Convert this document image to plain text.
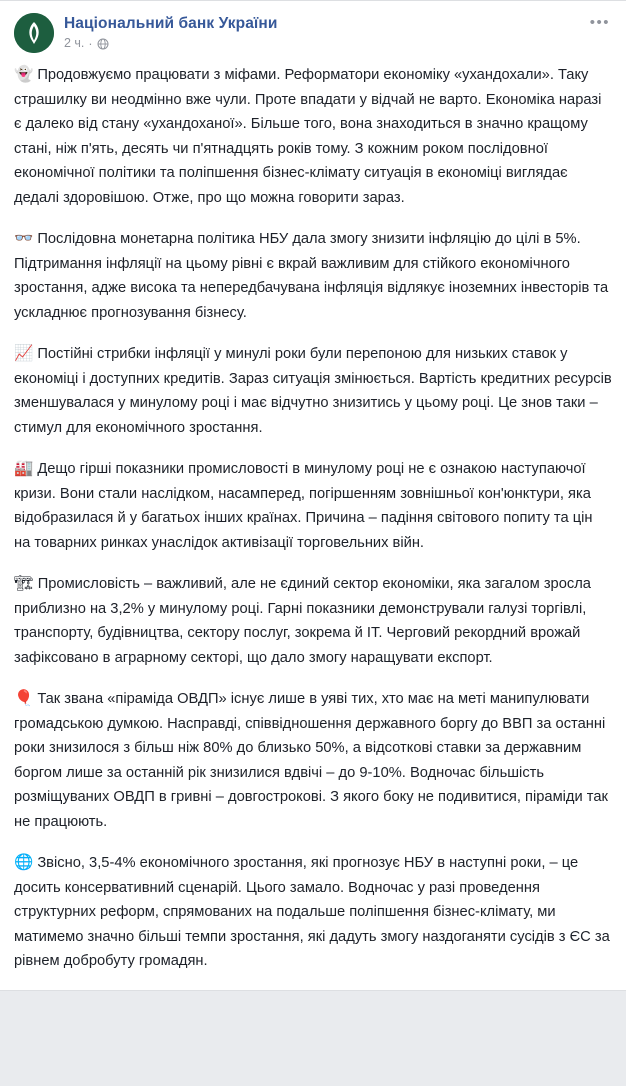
Національний банк України
2 ч. ·
•••

👻 Продовжуємо працювати з міфами. Реформатори економіку «ухандохали». Таку страшилку ви неодмінно вже чули. Проте впадати у відчай не варто. Економіка наразі є далеко від стану «ухандоханої». Більше того, вона знаходиться в значно кращому стані, ніж п'ять, десять чи п'ятнадцять років тому. З кожним роком послідовної економічної політики та поліпшення бізнес-клімату ситуація в економіці виглядає дедалі здоровішою. Отже, про що можна говорити зараз.

👓 Послідовна монетарна політика НБУ дала змогу знизити інфляцію до цілі в 5%. Підтримання інфляції на цьому рівні є вкрай важливим для стійкого економічного зростання, адже висока та непередбачувана інфляція відлякує іноземних інвесторів та ускладнює прогнозування бізнесу.

📈 Постійні стрибки інфляції у минулі роки були перепоною для низьких ставок у економіці і доступних кредитів. Зараз ситуація змінюється. Вартість кредитних ресурсів зменшувалася у минулому році і має відчутно знизитись у цьому році. Це знов таки – стимул для економічного зростання.

🏭 Дещо гірші показники промисловості в минулому році не є ознакою наступаючої кризи. Вони стали наслідком, насамперед, погіршенням зовнішньої кон'юнктури, яка відобразилася й у багатьох інших країнах. Причина – падіння світового попиту та цін на товарних ринках унаслідок активізації торговельних війн.

🏗 Промисловість – важливий, але не єдиний сектор економіки, яка загалом зросла приблизно на 3,2% у минулому році. Гарні показники демонстрували галузі торгівлі, транспорту, будівництва, сектору послуг, зокрема й IT. Черговий рекордний врожай зафіксовано в аграрному секторі, що дало змогу наращувати експорт.

🎈 Так звана «піраміда ОВДП» існує лише в уяві тих, хто має на меті манипулювати громадською думкою. Насправді, співвідношення державного боргу до ВВП за останні роки знизилося з більш ніж 80% до близько 50%, а відсоткові ставки за державним боргом лише за останній рік знизилися вдвічі – до 9-10%. Водночас більшість розміщуваних ОВДП в гривні – довгострокові. З якого боку не подивитися, піраміди так не працюють.

🌐 Звісно, 3,5-4% економічного зростання, які прогнозує НБУ в наступні роки, – це досить консервативний сценарій. Цього замало. Водночас у разі проведення структурних реформ, спрямованих на подальше поліпшення бізнес-клімату, ми матимемо значно більші темпи зростання, які дадуть змогу наздоганяти сусідів з ЄС за рівнем добробуту громадян.
